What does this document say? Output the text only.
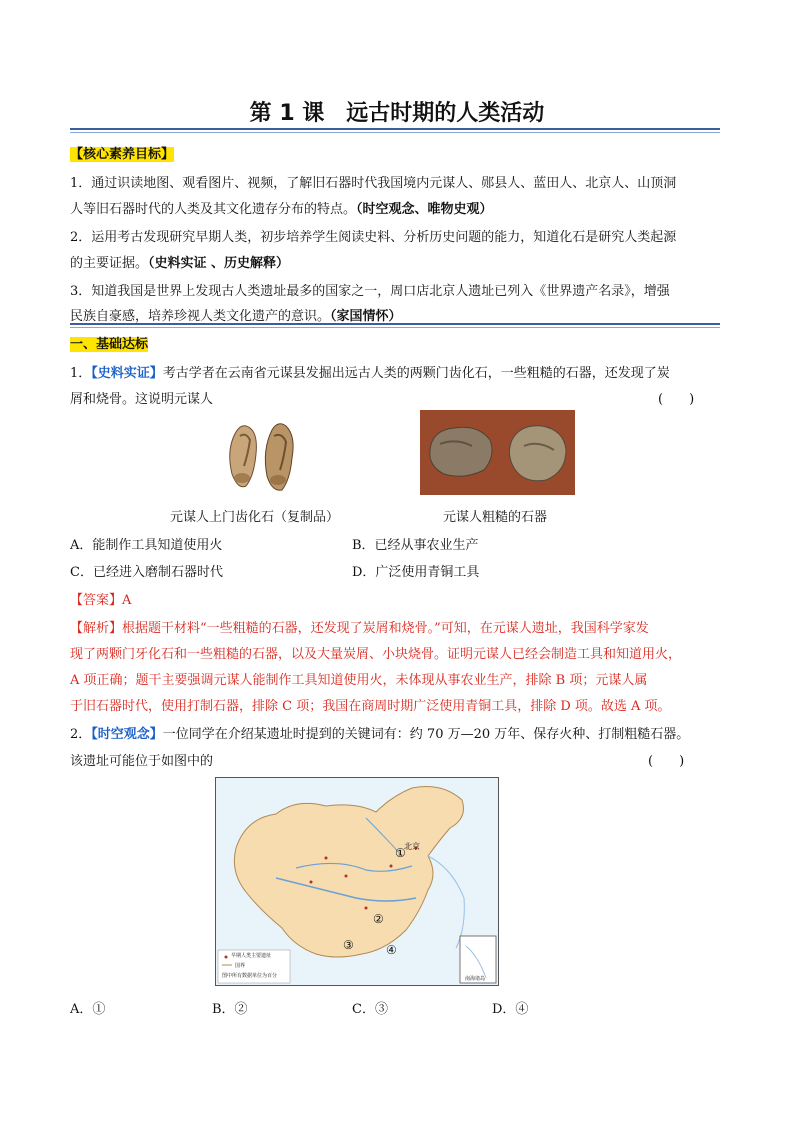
第 1 课　远古时期的人类活动
【核心素养目标】
1．通过识读地图、观看图片、视频，了解旧石器时代我国境内元谋人、郧县人、蓝田人、北京人、山顶洞
人等旧石器时代的人类及其文化遗存分布的特点。（时空观念、唯物史观）
2．运用考古发现研究早期人类，初步培养学生阅读史料、分析历史问题的能力，知道化石是研究人类起源
的主要证据。（史料实证 、历史解释）
3．知道我国是世界上发现古人类遗址最多的国家之一，周口店北京人遗址已列入《世界遗产名录》，增强
民族自豪感，培养珍视人类文化遗产的意识。（家国情怀）
一、基础达标
1．【史料实证】考古学者在云南省元谋县发掘出远古人类的两颗门齿化石，一些粗糙的石器，还发现了炭
屑和烧骨。这说明元谋人	(　　)
元谋人上门齿化石（复制品）	元谋人粗糙的石器
A．能制作工具知道使用火	B．已经从事农业生产
C．已经进入磨制石器时代	D．广泛使用青铜工具
【答案】A
【解析】根据题干材料“一些粗糙的石器，还发现了炭屑和烧骨。”可知，在元谋人遗址，我国科学家发
现了两颗门牙化石和一些粗糙的石器，以及大量炭屑、小块烧骨。证明元谋人已经会制造工具和知道用火，
A 项正确；题干主要强调元谋人能制作工具知道使用火，未体现从事农业生产，排除 B 项；元谋人属
于旧石器时代，使用打制石器，排除 C 项；我国在商周时期广泛使用青铜工具，排除 D 项。故选 A 项。
2．【时空观念】一位同学在介绍某遗址时提到的关键词有：约 70 万—20 万年、保存火种、打制粗糙石器。
该遗址可能位于如图中的	(　　)
①
北京
②
③	④
早期人类主要遗址
国界
图中所有数据单位为百分	南海诸岛
A．①	B．②	C．③	D．④
